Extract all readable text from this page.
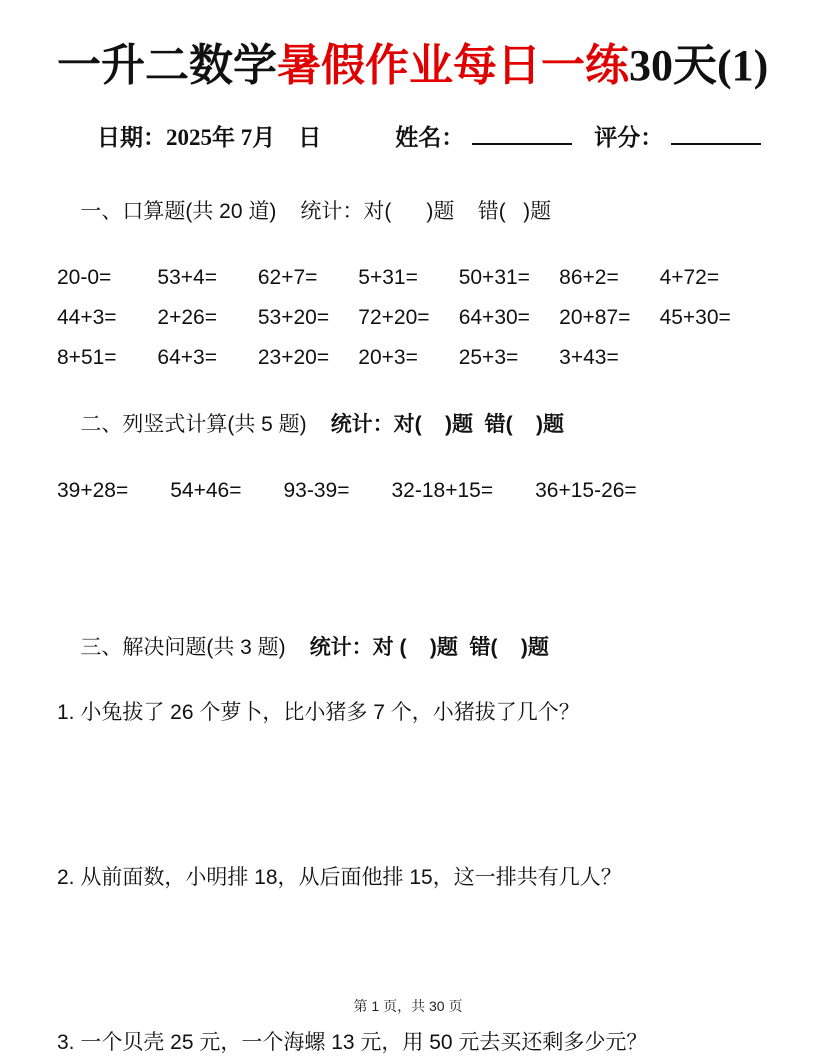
一升二数学暑假作业每日一练30天(1)
日期：2025年 7月　日	姓名：	评分：

一、口算题(共 20 道) 统计：对(      )题    错(   )题

20-0=	53+4=	62+7=	5+31=	50+31=	86+2=	4+72=
44+3=	2+26=	53+20=	72+20=	64+30=	20+87=	45+30=
8+51=	64+3=	23+20=	20+3=	25+3=	3+43=

二、列竖式计算(共 5 题) 统计：对(    )题  错(    )题

39+28= 54+46= 93-39= 32-18+15= 36+15-26=

三、解决问题(共 3 题) 统计：对 (    )题  错(    )题

1. 小兔拔了 26 个萝卜，比小猪多 7 个，小猪拔了几个？
2. 从前面数，小明排 18，从后面他排 15，这一排共有几人？
3. 一个贝壳 25 元，一个海螺 13 元，用 50 元去买还剩多少元？
第 1 页，共 30 页
